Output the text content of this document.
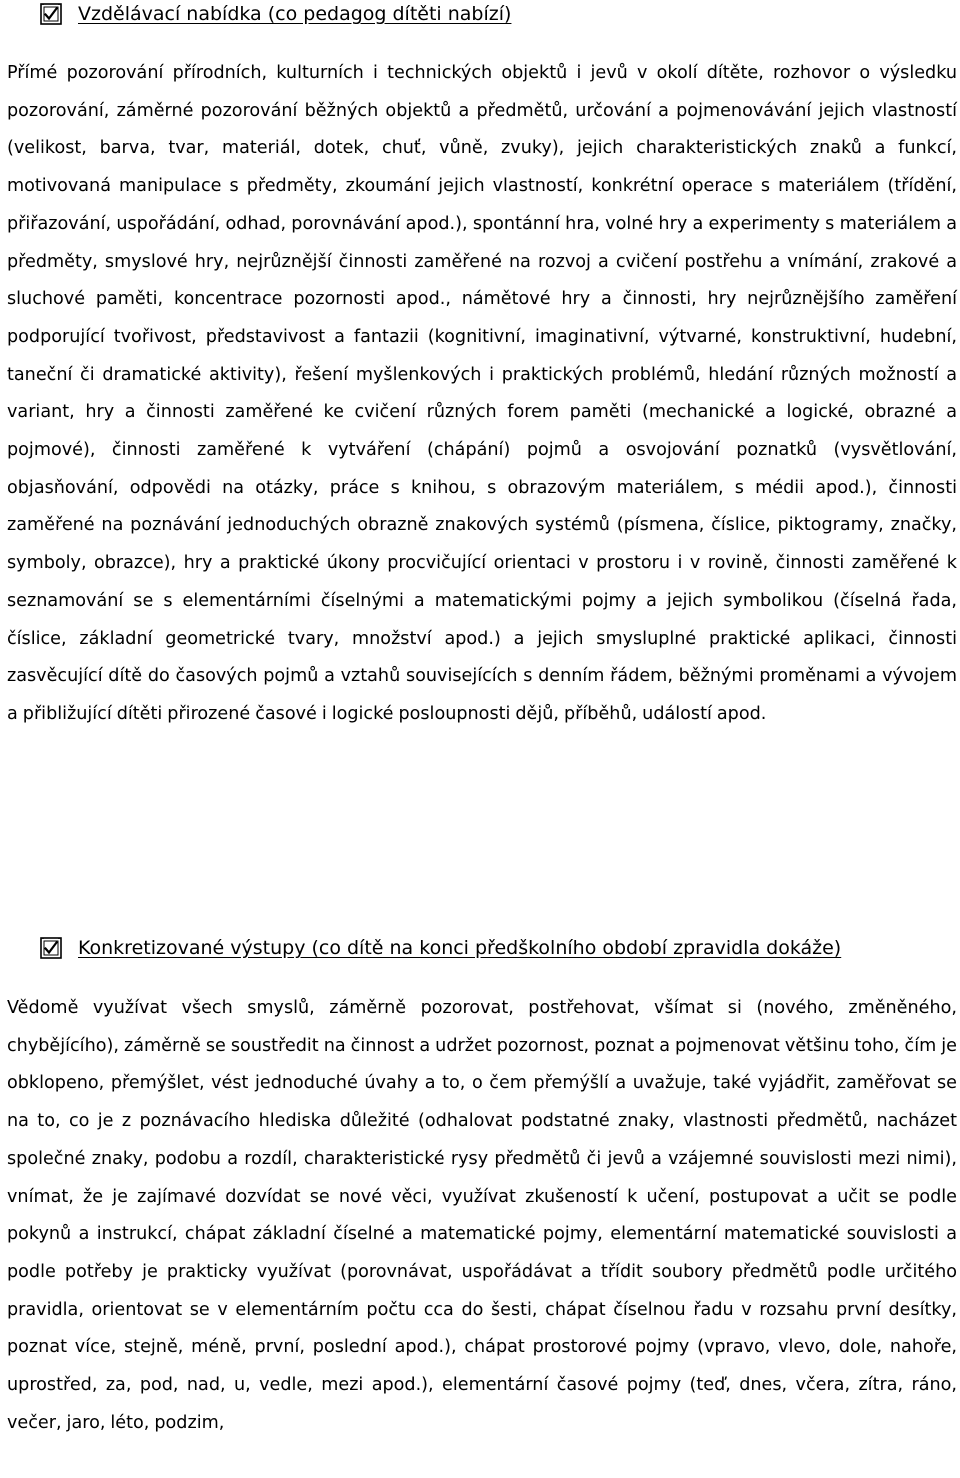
Vzdělávací nabídka (co pedagog dítěti nabízí)

Přímé pozorování přírodních, kulturních i technických objektů i jevů v okolí dítěte, rozhovor o výsledku pozorování, záměrné pozorování běžných objektů a předmětů, určování a pojmenovávání jejich vlastností (velikost, barva, tvar, materiál, dotek, chuť, vůně, zvuky), jejich charakteristických znaků a funkcí, motivovaná manipulace s předměty, zkoumání jejich vlastností, konkrétní operace s materiálem (třídění, přiřazování, uspořádání, odhad, porovnávání apod.), spontánní hra, volné hry a experimenty s materiálem a předměty, smyslové hry, nejrůznější činnosti zaměřené na rozvoj a cvičení postřehu a vnímání, zrakové a sluchové paměti, koncentrace pozornosti apod., námětové hry a činnosti, hry nejrůznějšího zaměření podporující tvořivost, představivost a fantazii (kognitivní, imaginativní, výtvarné, konstruktivní, hudební, taneční či dramatické aktivity), řešení myšlenkových i praktických problémů, hledání různých možností a variant, hry a činnosti zaměřené ke cvičení různých forem paměti (mechanické a logické, obrazné a pojmové), činnosti zaměřené k vytváření (chápání) pojmů a osvojování poznatků (vysvětlování, objasňování, odpovědi na otázky, práce s knihou, s obrazovým materiálem, s médii apod.), činnosti zaměřené na poznávání jednoduchých obrazně znakových systémů (písmena, číslice, piktogramy, značky, symboly, obrazce), hry a praktické úkony procvičující orientaci v prostoru i v rovině, činnosti zaměřené k seznamování se s elementárními číselnými a matematickými pojmy a jejich symbolikou (číselná řada, číslice, základní geometrické tvary, množství apod.) a jejich smysluplné praktické aplikaci, činnosti zasvěcující dítě do časových pojmů a vztahů souvisejících s denním řádem, běžnými proměnami a vývojem a přibližující dítěti přirozené časové i logické posloupnosti dějů, příběhů, událostí apod.

Konkretizované výstupy (co dítě na konci předškolního období zpravidla dokáže)

Vědomě využívat všech smyslů, záměrně pozorovat, postřehovat, všímat si (nového, změněného, chybějícího), záměrně se soustředit na činnost a udržet pozornost, poznat a pojmenovat většinu toho, čím je obklopeno, přemýšlet, vést jednoduché úvahy a to, o čem přemýšlí a uvažuje, také vyjádřit, zaměřovat se na to, co je z poznávacího hlediska důležité (odhalovat podstatné znaky, vlastnosti předmětů, nacházet společné znaky, podobu a rozdíl, charakteristické rysy předmětů či jevů a vzájemné souvislosti mezi nimi), vnímat, že je zajímavé dozvídat se nové věci, využívat zkušeností k učení, postupovat a učit se podle pokynů a instrukcí, chápat základní číselné a matematické pojmy, elementární matematické souvislosti a podle potřeby je prakticky využívat (porovnávat, uspořádávat a třídit soubory předmětů podle určitého pravidla, orientovat se v elementárním počtu cca do šesti, chápat číselnou řadu v rozsahu první desítky, poznat více, stejně, méně, první, poslední apod.), chápat prostorové pojmy (vpravo, vlevo, dole, nahoře, uprostřed, za, pod, nad, u, vedle, mezi apod.), elementární časové pojmy (teď, dnes, včera, zítra, ráno, večer, jaro, léto, podzim,
